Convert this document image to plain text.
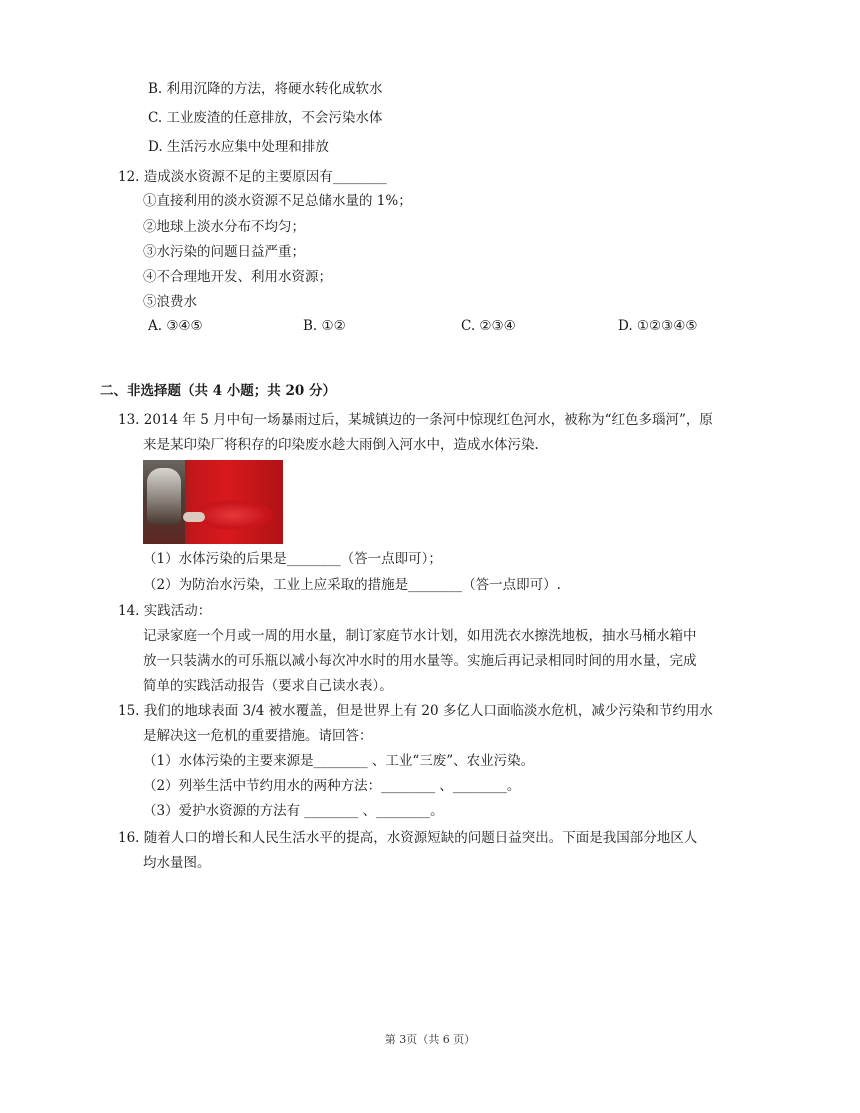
B. 利用沉降的方法，将硬水转化成软水
C. 工业废渣的任意排放，不会污染水体
D. 生活污水应集中处理和排放
12. 造成淡水资源不足的主要原因有________
①直接利用的淡水资源不足总储水量的 1%；
②地球上淡水分布不均匀；
③水污染的问题日益严重；
④不合理地开发、利用水资源；
⑤浪费水
A. ③④⑤	B. ①②	C. ②③④	D. ①②③④⑤
二、非选择题（共 4 小题；共 20 分）
13. 2014 年 5 月中旬一场暴雨过后，某城镇边的一条河中惊现红色河水，被称为“红色多瑙河”，原
来是某印染厂将积存的印染废水趁大雨倒入河水中，造成水体污染.
（1）水体污染的后果是________（答一点即可）；
（2）为防治水污染，工业上应采取的措施是________（答一点即可）.
14. 实践活动：
记录家庭一个月或一周的用水量，制订家庭节水计划，如用洗衣水擦洗地板，抽水马桶水箱中
放一只装满水的可乐瓶以减小每次冲水时的用水量等。实施后再记录相同时间的用水量，完成
简单的实践活动报告（要求自己读水表）。
15. 我们的地球表面 3/4 被水覆盖，但是世界上有 20 多亿人口面临淡水危机，减少污染和节约用水
是解决这一危机的重要措施。请回答：
（1）水体污染的主要来源是________ 、工业“三废”、农业污染。
（2）列举生活中节约用水的两种方法：________ 、________。
（3）爱护水资源的方法有 ________ 、________。
16. 随着人口的增长和人民生活水平的提高，水资源短缺的问题日益突出。下面是我国部分地区人
均水量图。
第 3页（共 6 页）
